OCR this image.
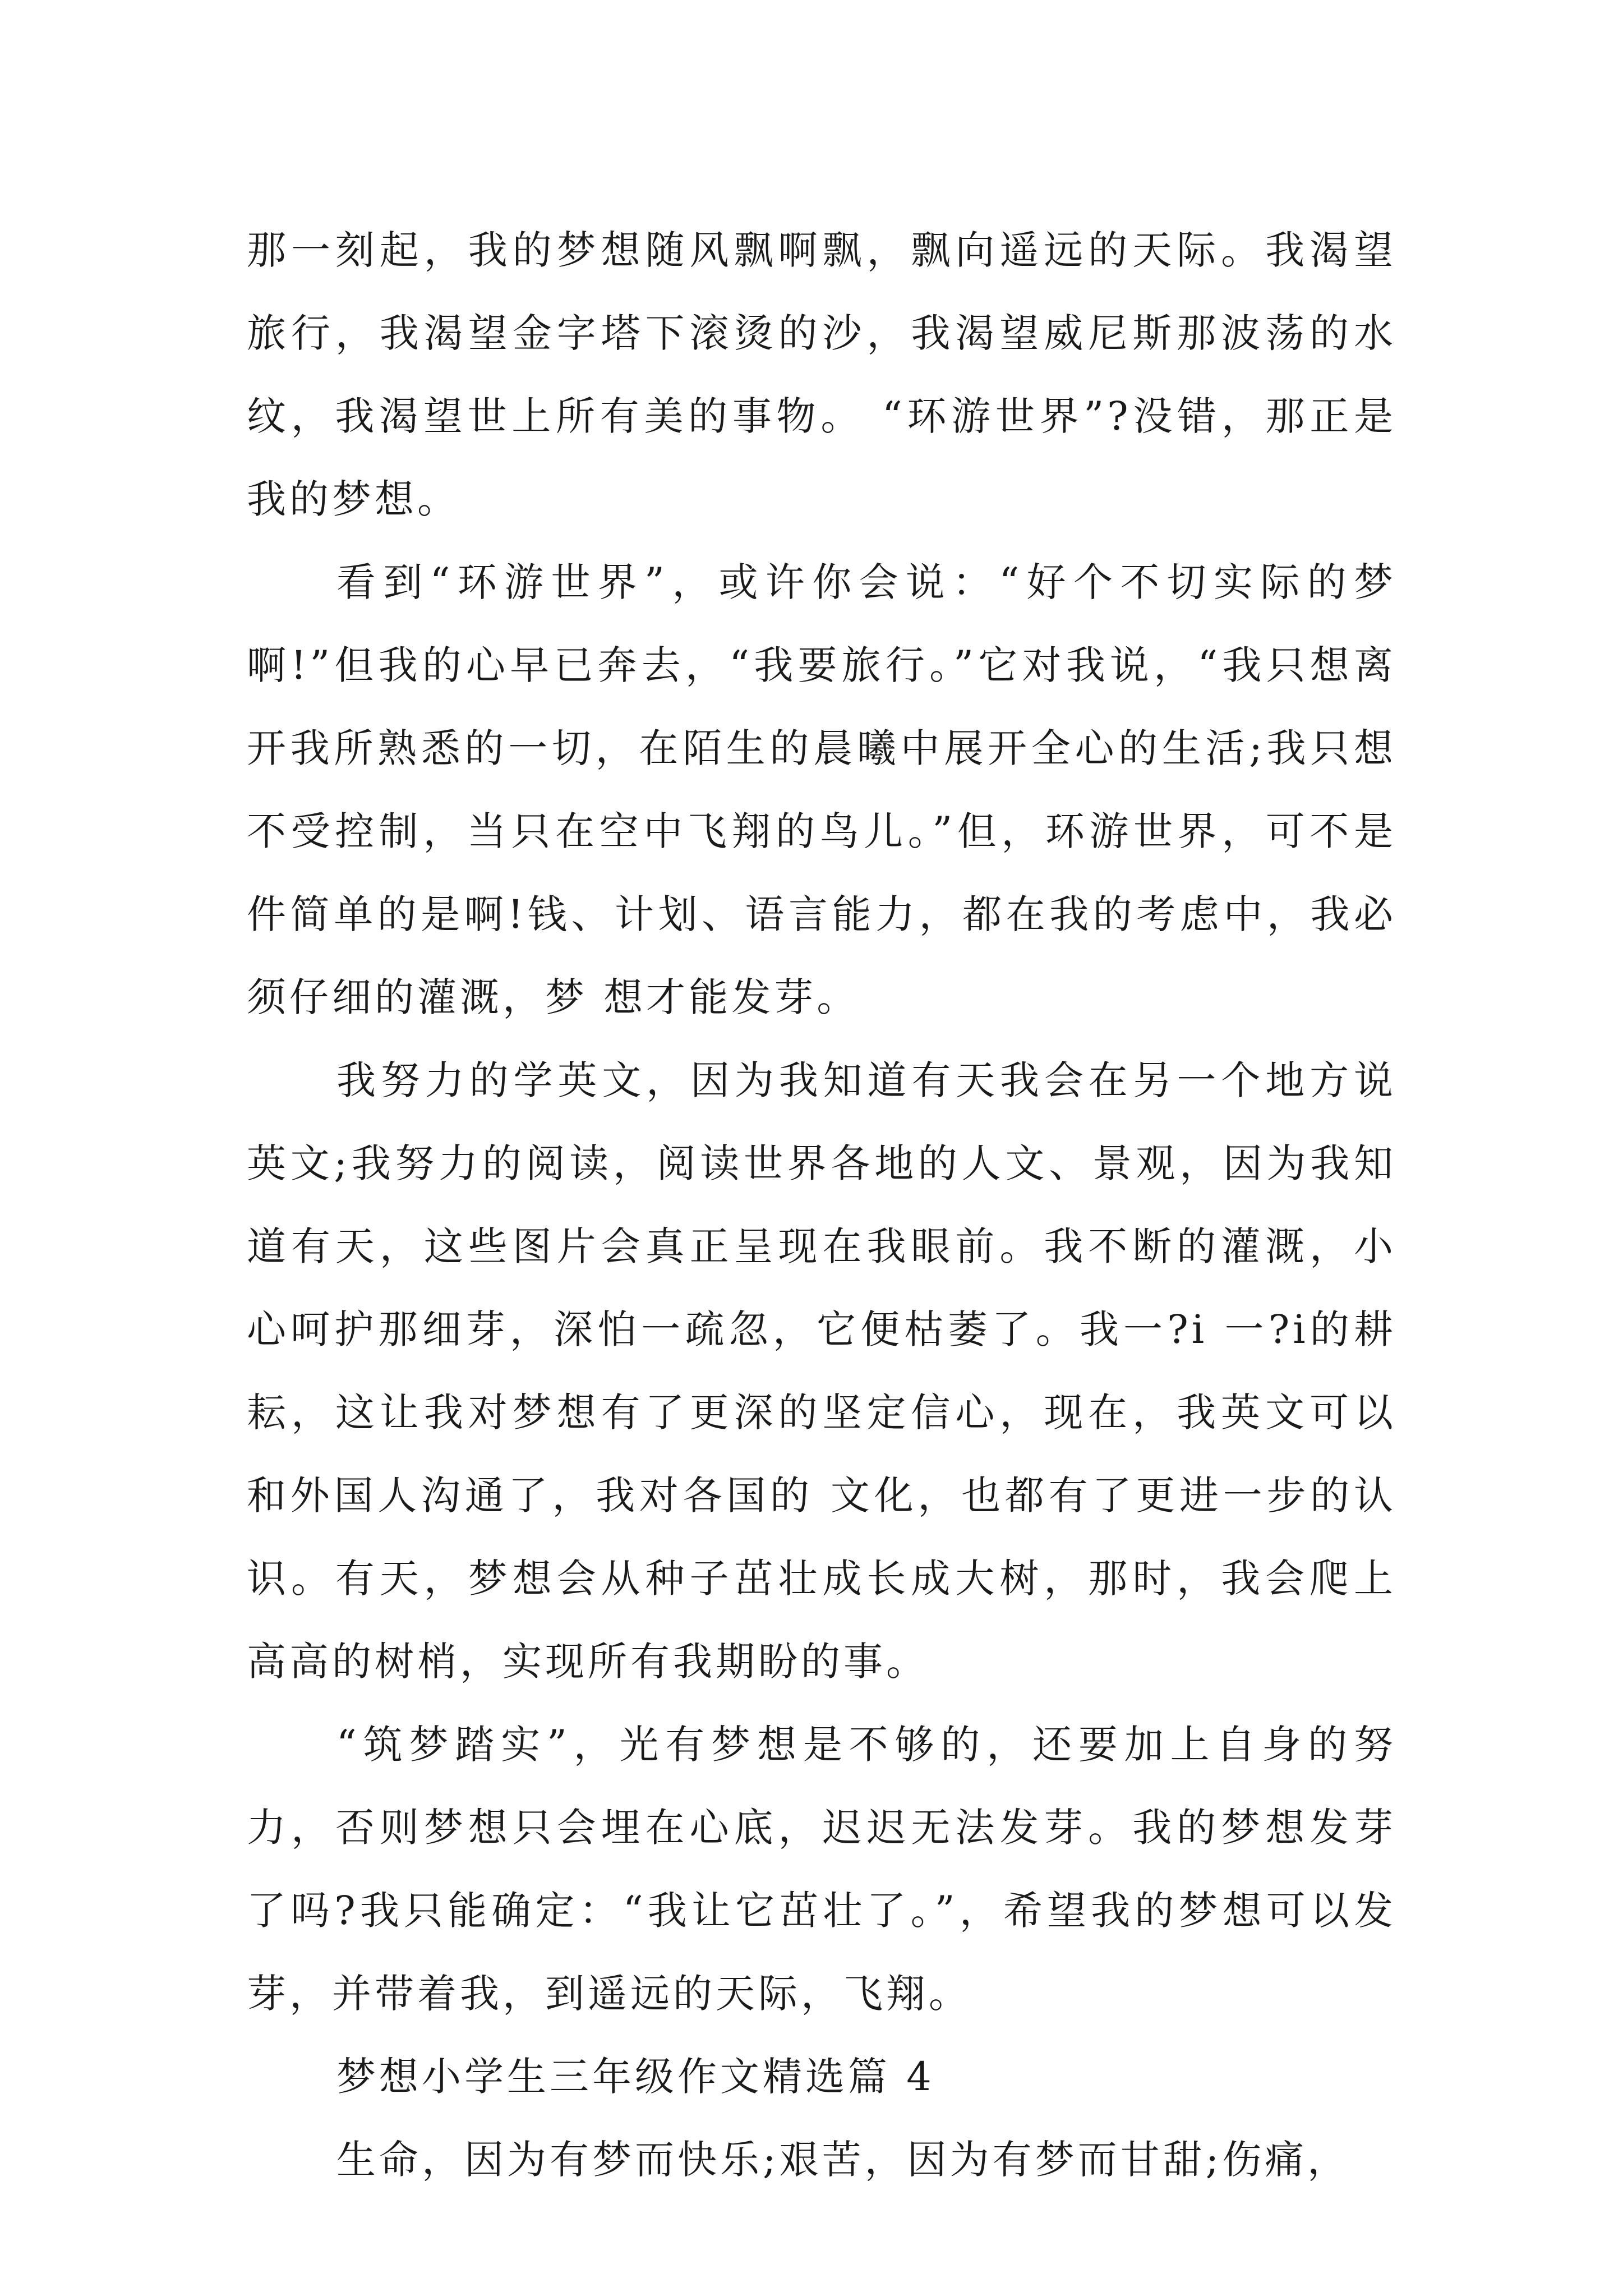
那一刻起，我的梦想随风飘啊飘，飘向遥远的天际。我渴望旅行，我渴望金字塔下滚烫的沙，我渴望威尼斯那波荡的水纹，我渴望世上所有美的事物。 “环游世界”?没错，那正是我的梦想。

看到“环游世界”，或许你会说：“好个不切实际的梦啊!”但我的心早已奔去，“我要旅行。”它对我说，“我只想离开我所熟悉的一切，在陌生的晨曦中展开全心的生活;我只想不受控制，当只在空中飞翔的鸟儿。”但，环游世界，可不是件简单的是啊!钱、计划、语言能力，都在我的考虑中，我必须仔细的灌溉，梦 想才能发芽。

我努力的学英文，因为我知道有天我会在另一个地方说英文;我努力的阅读，阅读世界各地的人文、景观，因为我知道有天，这些图片会真正呈现在我眼前。我不断的灌溉，小心呵护那细芽，深怕一疏忽，它便枯萎了。我一?i 一?i的耕耘，这让我对梦想有了更深的坚定信心，现在，我英文可以和外国人沟通了，我对各国的 文化，也都有了更进一步的认识。有天，梦想会从种子茁壮成长成大树，那时，我会爬上高高的树梢，实现所有我期盼的事。

“筑梦踏实”，光有梦想是不够的，还要加上自身的努力，否则梦想只会埋在心底，迟迟无法发芽。我的梦想发芽了吗?我只能确定：“我让它茁壮了。”，希望我的梦想可以发芽，并带着我，到遥远的天际，飞翔。

梦想小学生三年级作文精选篇 4

生命，因为有梦而快乐;艰苦，因为有梦而甘甜;伤痛，
